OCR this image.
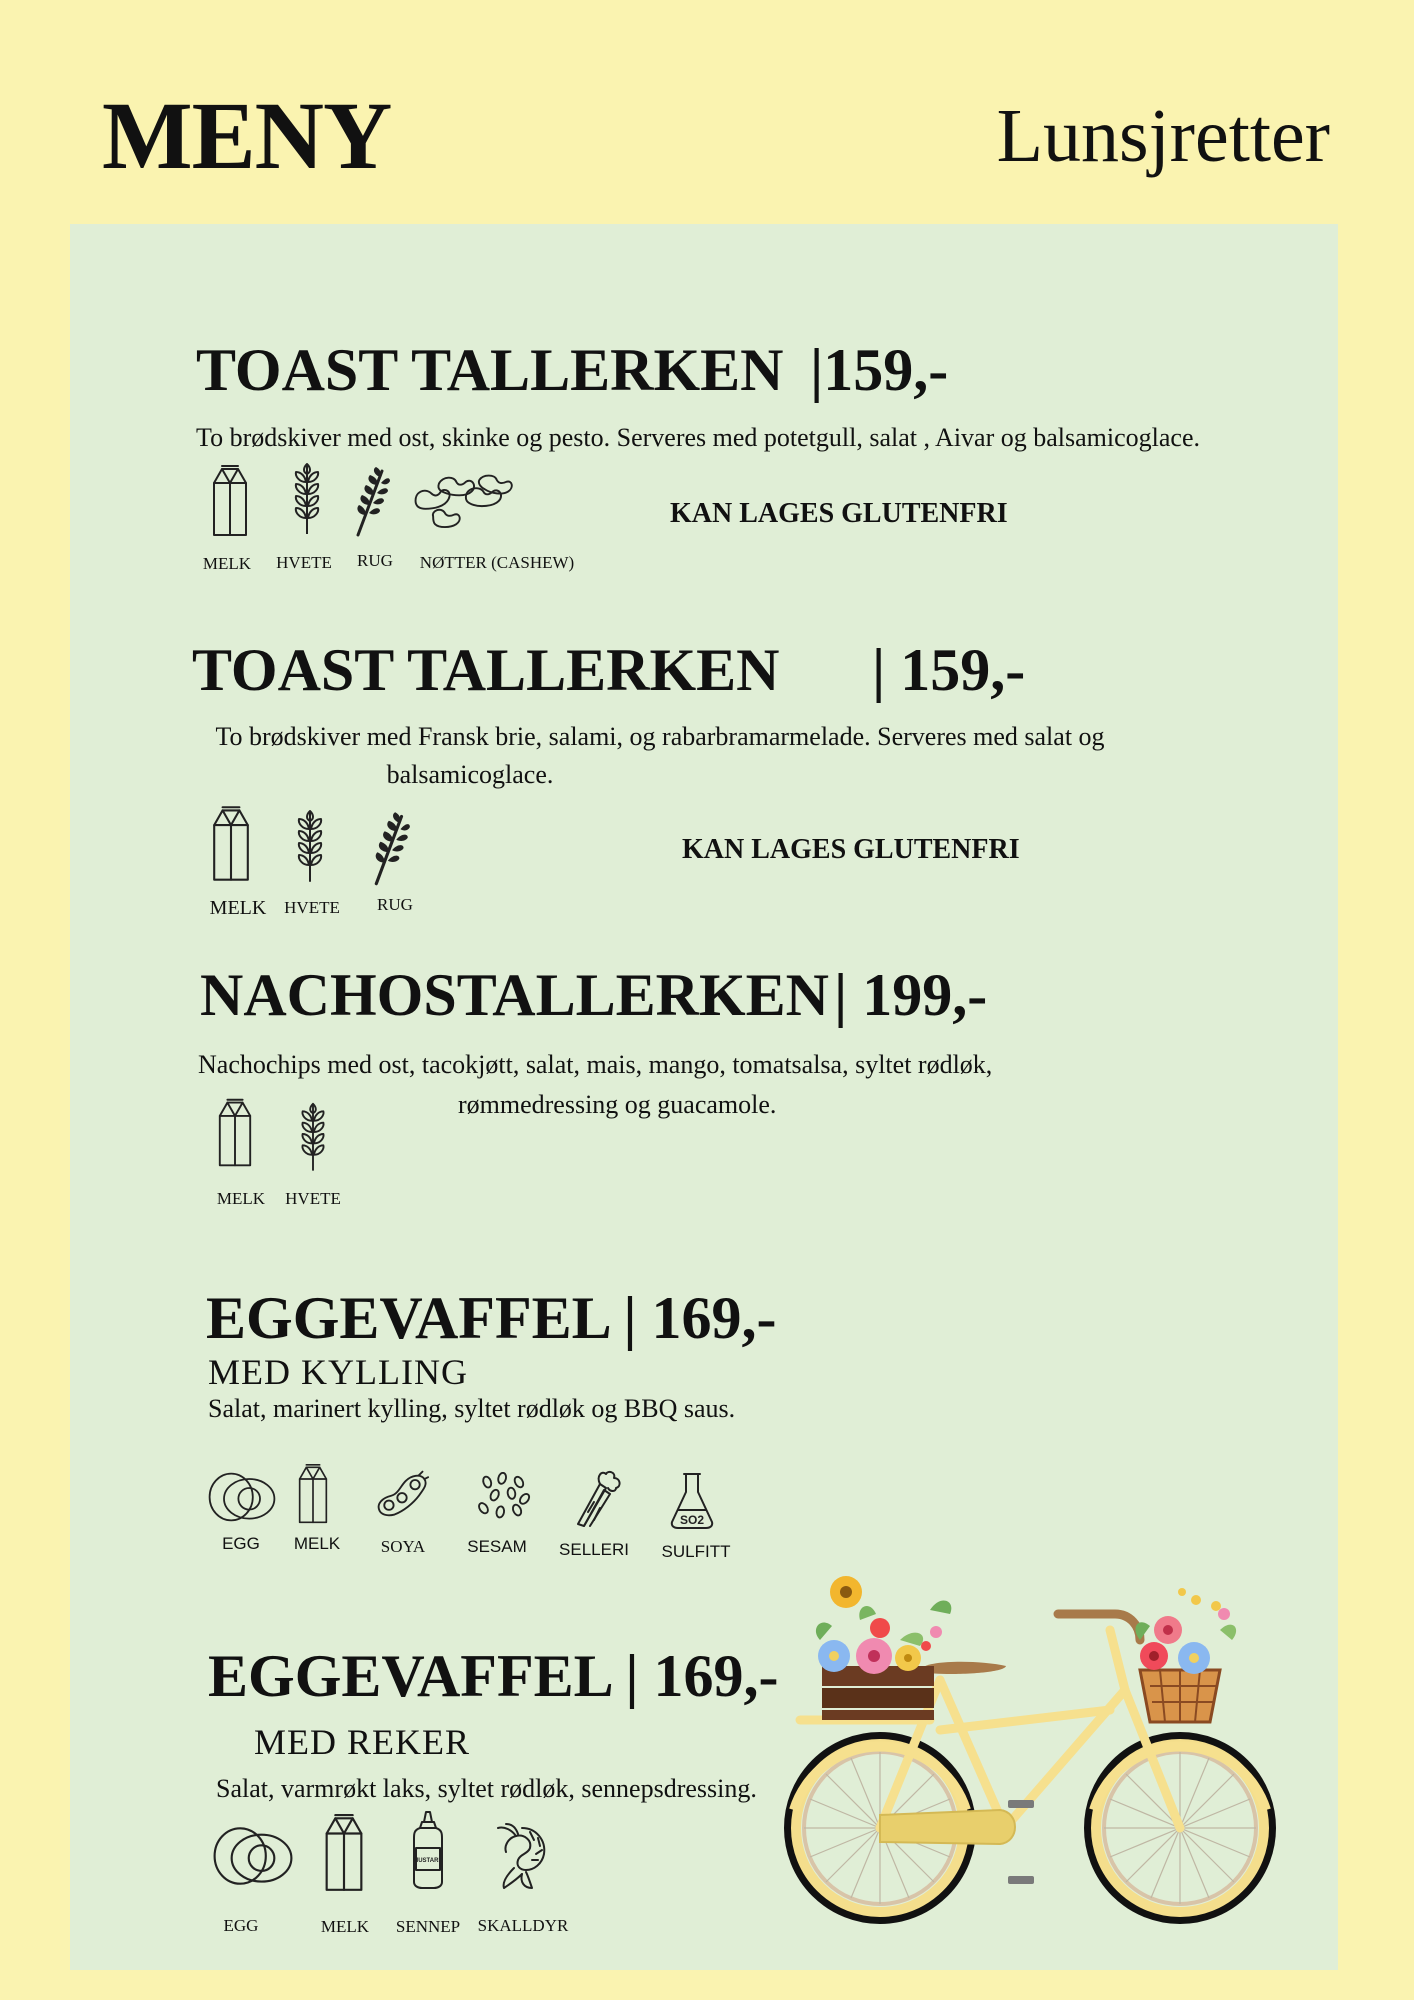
MENY	Lunsjretter
TOAST TALLERKEN |159,-
To brødskiver med ost, skinke og pesto. Serveres med potetgull, salat , Aivar og balsamicoglace.
MELK	HVETE	RUG	NØTTER (CASHEW)
KAN LAGES GLUTENFRI
TOAST TALLERKEN | 159,-
To brødskiver med Fransk brie, salami, og rabarbramarmelade. Serveres med salat og
balsamicoglace.
MELK	HVETE	RUG
KAN LAGES GLUTENFRI
NACHOSTALLERKEN | 199,-
Nachochips med ost, tacokjøtt, salat, mais, mango, tomatsalsa, syltet rødløk,
rømmedressing og guacamole.
MELK	HVETE
EGGEVAFFEL | 169,-
MED KYLLING
Salat, marinert kylling, syltet rødløk og BBQ saus.
SO2
EGG	MELK	SOYA	SESAM	SELLERI	SULFITT
EGGEVAFFEL | 169,-
MED REKER
Salat, varmrøkt laks, syltet rødløk, sennepsdressing.
MUSTARD
EGG	MELK	SENNEP	SKALLDYR
